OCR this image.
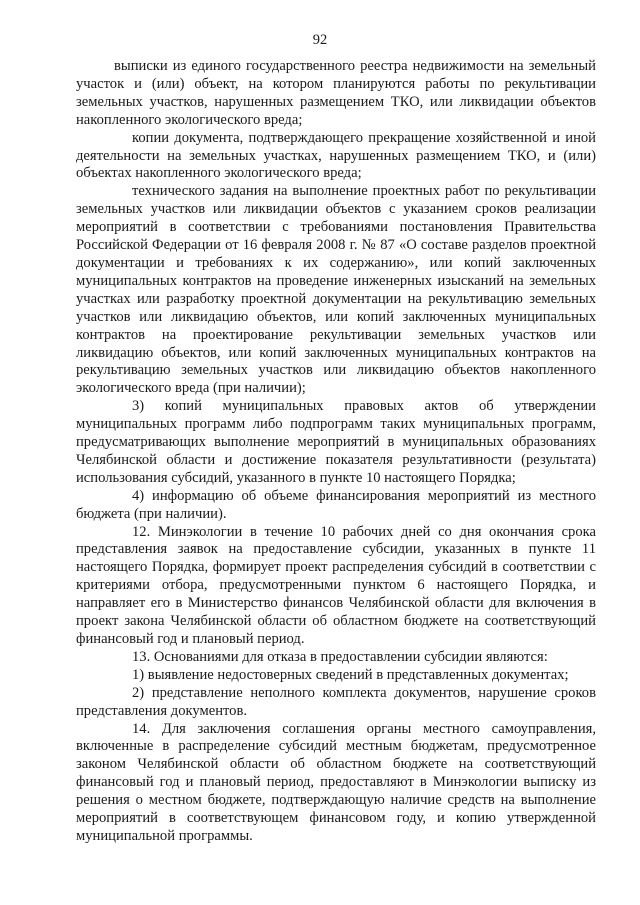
92

выписки из единого государственного реестра недвижимости на земельный участок и (или) объект, на котором планируются работы по рекультивации земельных участков, нарушенных размещением ТКО, или ликвидации объектов накопленного экологического вреда;

копии документа, подтверждающего прекращение хозяйственной и иной деятельности на земельных участках, нарушенных размещением ТКО, и (или) объектах накопленного экологического вреда;

технического задания на выполнение проектных работ по рекультивации земельных участков или ликвидации объектов с указанием сроков реализации мероприятий в соответствии с требованиями постановления Правительства Российской Федерации от 16 февраля 2008 г. № 87 «О составе разделов проектной документации и требованиях к их содержанию», или копий заключенных муниципальных контрактов на проведение инженерных изысканий на земельных участках или разработку проектной документации на рекультивацию земельных участков или ликвидацию объектов, или копий заключенных муниципальных контрактов на проектирование рекультивации земельных участков или ликвидацию объектов, или копий заключенных муниципальных контрактов на рекультивацию земельных участков или ликвидацию объектов накопленного экологического вреда (при наличии);

3) копий муниципальных правовых актов об утверждении муниципальных программ либо подпрограмм таких муниципальных программ, предусматривающих выполнение мероприятий в муниципальных образованиях Челябинской области и достижение показателя результативности (результата) использования субсидий, указанного в пункте 10 настоящего Порядка;

4) информацию об объеме финансирования мероприятий из местного бюджета (при наличии).

12. Минэкологии в течение 10 рабочих дней со дня окончания срока представления заявок на предоставление субсидии, указанных в пункте 11 настоящего Порядка, формирует проект распределения субсидий в соответствии с критериями отбора, предусмотренными пунктом 6 настоящего Порядка, и направляет его в Министерство финансов Челябинской области для включения в проект закона Челябинской области об областном бюджете на соответствующий финансовый год и плановый период.

13. Основаниями для отказа в предоставлении субсидии являются:

1) выявление недостоверных сведений в представленных документах;

2) представление неполного комплекта документов, нарушение сроков представления документов.

14. Для заключения соглашения органы местного самоуправления, включенные в распределение субсидий местным бюджетам, предусмотренное законом Челябинской области об областном бюджете на соответствующий финансовый год и плановый период, предоставляют в Минэкологии выписку из решения о местном бюджете, подтверждающую наличие средств на выполнение мероприятий в соответствующем финансовом году, и копию утвержденной муниципальной программы.
